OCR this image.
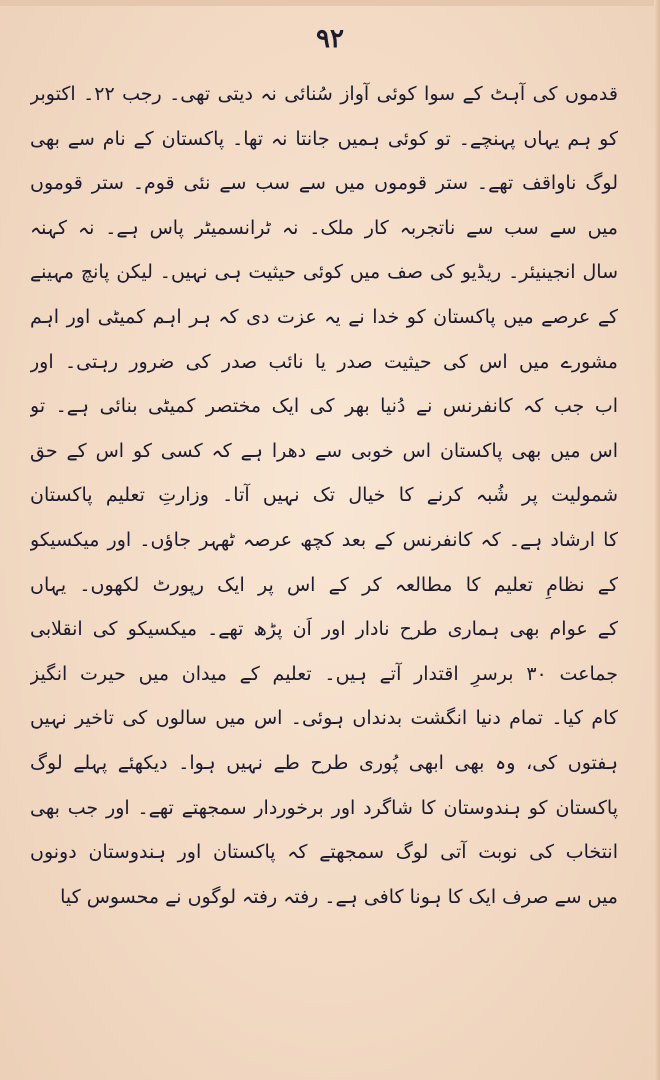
۹۲
قدموں کی آہٹ کے سوا کوئی آواز سُنائی نہ دیتی تھی۔ رجب ۲۲۔ اکتوبر
کو ہم یہاں پہنچے۔ تو کوئی ہمیں جانتا نہ تھا۔ پاکستان کے نام سے بھی
لوگ ناواقف تھے۔ ستر قوموں میں سے سب سے نئی قوم۔ ستر قوموں
میں سے سب سے ناتجربہ کار ملک۔ نہ ٹرانسمیٹر پاس ہے۔ نہ کہنہ
سال انجینیئر۔ ریڈیو کی صف میں کوئی حیثیت ہی نہیں۔ لیکن پانچ مہینے
کے عرصے میں پاکستان کو خدا نے یہ عزت دی کہ ہر اہم کمیٹی اور اہم
مشورے میں اس کی حیثیت صدر یا نائب صدر کی ضرور رہتی۔ اور
اب جب کہ کانفرنس نے دُنیا بھر کی ایک مختصر کمیٹی بنائی ہے۔ تو
اس میں بھی پاکستان اس خوبی سے دھرا ہے کہ کسی کو اس کے حق
شمولیت پر شُبہ کرنے کا خیال تک نہیں آتا۔ وزارتِ تعلیم پاکستان
کا ارشاد ہے۔ کہ کانفرنس کے بعد کچھ عرصہ ٹھہر جاؤں۔ اور میکسیکو
کے نظامِ تعلیم کا مطالعہ کر کے اس پر ایک رپورٹ لکھوں۔ یہاں
کے عوام بھی ہماری طرح نادار اور اَن پڑھ تھے۔ میکسیکو کی انقلابی
جماعت ۳۰ برسرِ اقتدار آتے ہیں۔ تعلیم کے میدان میں حیرت انگیز
کام کیا۔ تمام دنیا انگشت بدنداں ہوئی۔ اس میں سالوں کی تاخیر نہیں
ہفتوں کی، وہ بھی ابھی پُوری طرح طے نہیں ہوا۔ دیکھئے پہلے لوگ
پاکستان کو ہندوستان کا شاگرد اور برخوردار سمجھتے تھے۔ اور جب بھی
انتخاب کی نوبت آتی لوگ سمجھتے کہ پاکستان اور ہندوستان دونوں
میں سے صرف ایک کا ہونا کافی ہے۔ رفتہ رفتہ لوگوں نے محسوس کیا
